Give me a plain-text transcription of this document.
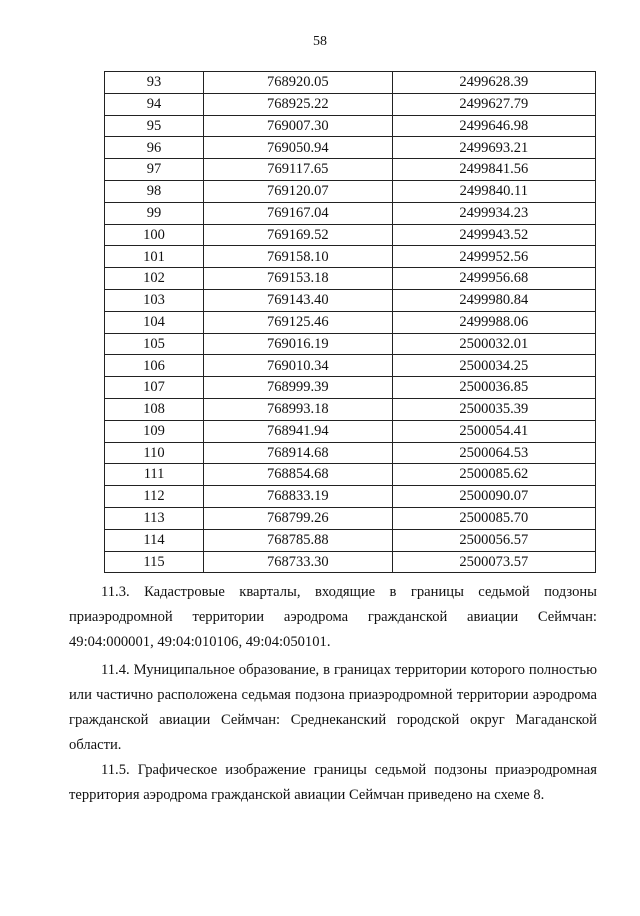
58
93	768920.05	2499628.39
94	768925.22	2499627.79
95	769007.30	2499646.98
96	769050.94	2499693.21
97	769117.65	2499841.56
98	769120.07	2499840.11
99	769167.04	2499934.23
100	769169.52	2499943.52
101	769158.10	2499952.56
102	769153.18	2499956.68
103	769143.40	2499980.84
104	769125.46	2499988.06
105	769016.19	2500032.01
106	769010.34	2500034.25
107	768999.39	2500036.85
108	768993.18	2500035.39
109	768941.94	2500054.41
110	768914.68	2500064.53
111	768854.68	2500085.62
112	768833.19	2500090.07
113	768799.26	2500085.70
114	768785.88	2500056.57
115	768733.30	2500073.57
11.3. Кадастровые кварталы, входящие в границы седьмой подзоны приаэродромной территории аэродрома гражданской авиации Сеймчан: 49:04:000001, 49:04:010106, 49:04:050101.
11.4. Муниципальное образование, в границах территории которого полностью или частично расположена седьмая подзона приаэродромной территории аэродрома гражданской авиации Сеймчан: Среднеканский городской округ Магаданской области.
11.5. Графическое изображение границы седьмой подзоны приаэродромная территория аэродрома гражданской авиации Сеймчан приведено на схеме 8.
